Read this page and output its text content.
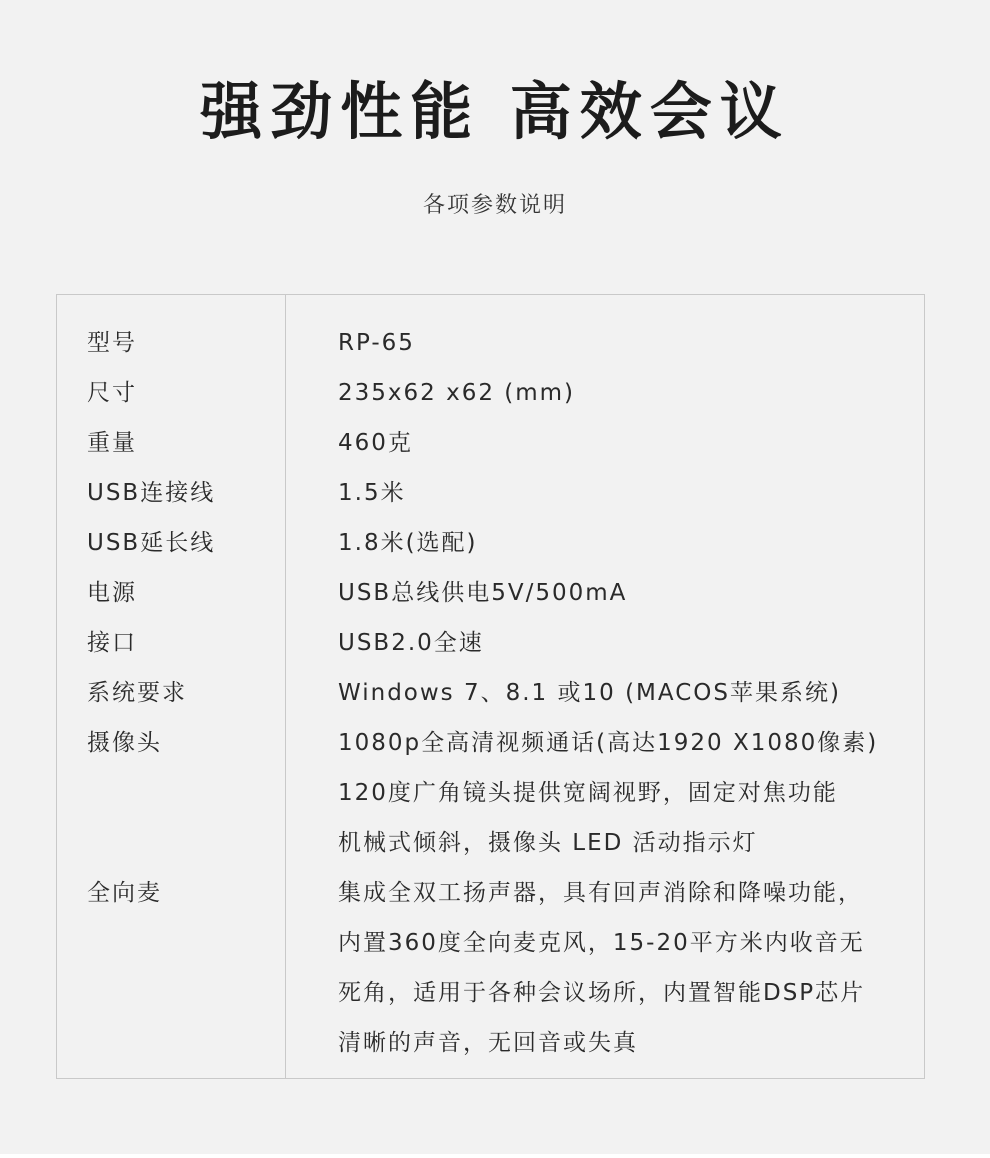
强劲性能 高效会议
各项参数说明
型号	RP-65
尺寸	235x62 x62 (mm)
重量	460克
USB连接线	1.5米
USB延长线	1.8米(选配)
电源	USB总线供电5V/500mA
接口	USB2.0全速
系统要求	Windows 7、8.1 或10 (MACOS苹果系统)
摄像头	1080p全高清视频通话(高达1920 X1080像素)
120度广角镜头提供宽阔视野，固定对焦功能
机械式倾斜，摄像头 LED 活动指示灯
全向麦	集成全双工扬声器，具有回声消除和降噪功能，
内置360度全向麦克风，15-20平方米内收音无
死角，适用于各种会议场所，内置智能DSP芯片
清晰的声音，无回音或失真
